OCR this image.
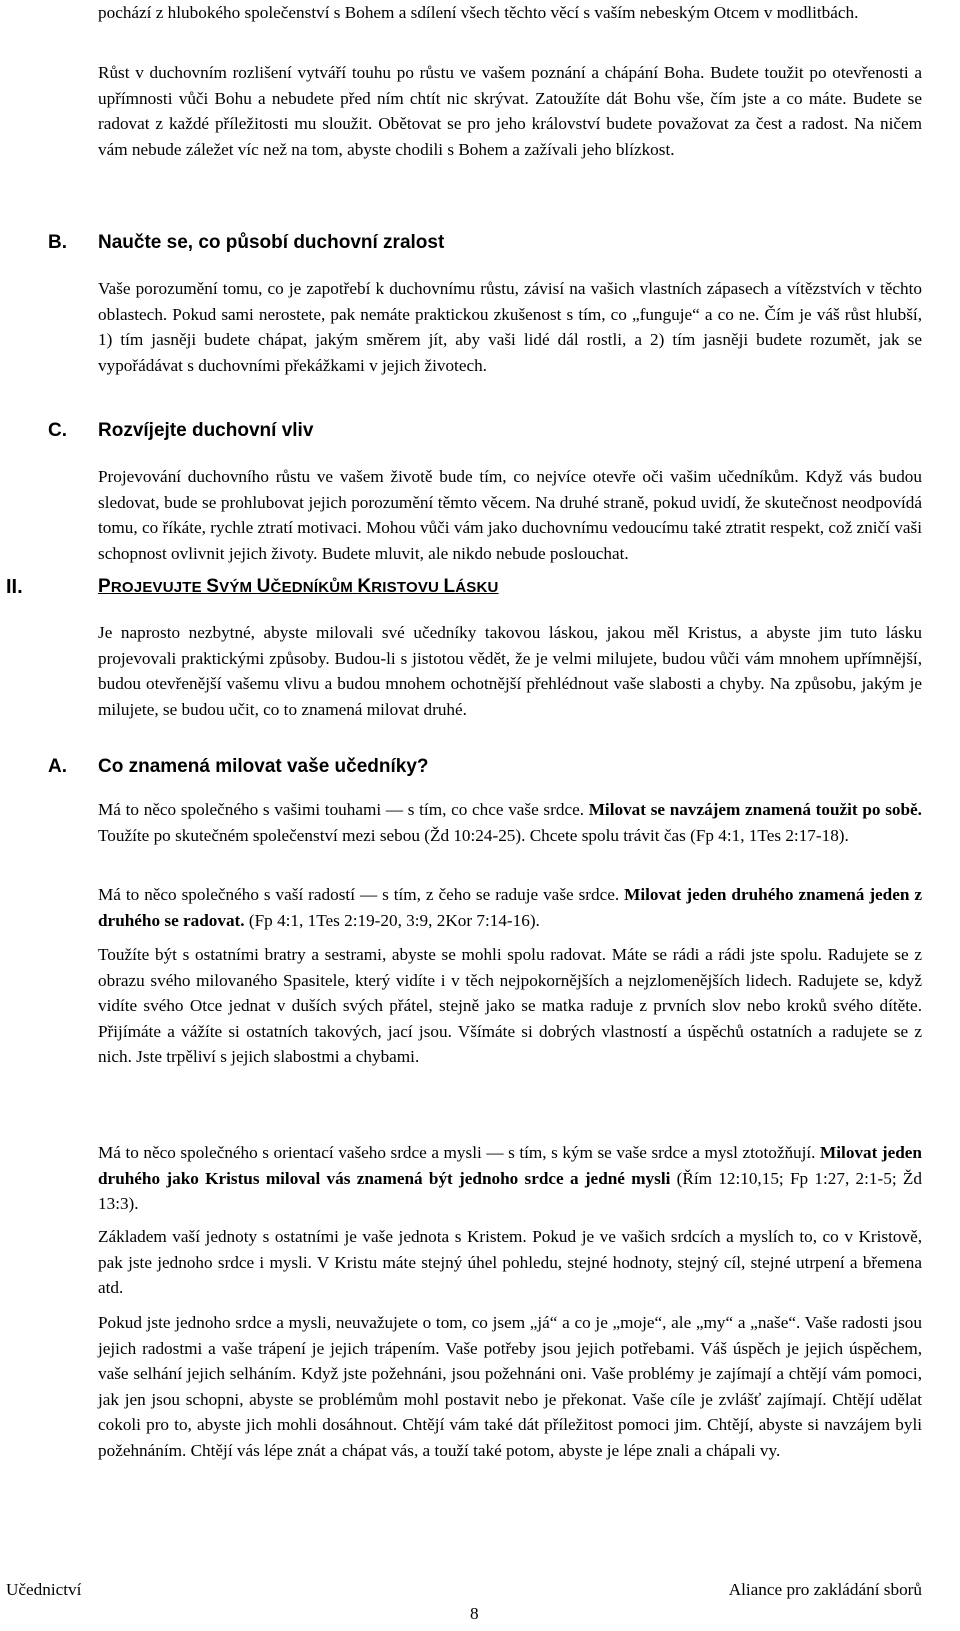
pochází z hlubokého společenství s Bohem a sdílení všech těchto věcí s vaším nebeským Otcem v modlitbách.

Růst v duchovním rozlišení vytváří touhu po růstu ve vašem poznání a chápání Boha. Budete toužit po otevřenosti a upřímnosti vůči Bohu a nebudete před ním chtít nic skrývat. Zatoužíte dát Bohu vše, čím jste a co máte. Budete se radovat z každé příležitosti mu sloužit. Obětovat se pro jeho království budete považovat za čest a radost. Na ničem vám nebude záležet víc než na tom, abyste chodili s Bohem a zažívali jeho blízkost.

B. Naučte se, co působí duchovní zralost

Vaše porozumění tomu, co je zapotřebí k duchovnímu růstu, závisí na vašich vlastních zápasech a vítězstvích v těchto oblastech. Pokud sami nerostete, pak nemáte praktickou zkušenost s tím, co „funguje“ a co ne. Čím je váš růst hlubší, 1) tím jasněji budete chápat, jakým směrem jít, aby vaši lidé dál rostli, a 2) tím jasněji budete rozumět, jak se vypořádávat s duchovními překážkami v jejich životech.

C. Rozvíjejte duchovní vliv

Projevování duchovního růstu ve vašem životě bude tím, co nejvíce otevře oči vašim učedníkům. Když vás budou sledovat, bude se prohlubovat jejich porozumění těmto věcem. Na druhé straně, pokud uvidí, že skutečnost neodpovídá tomu, co říkáte, rychle ztratí motivaci. Mohou vůči vám jako duchovnímu vedoucímu také ztratit respekt, což zničí vaši schopnost ovlivnit jejich životy. Budete mluvit, ale nikdo nebude poslouchat.

II.	PROJEVUJTE SVÝM UČEDNÍKŮM KRISTOVU LÁSKU

Je naprosto nezbytné, abyste milovali své učedníky takovou láskou, jakou měl Kristus, a abyste jim tuto lásku projevovali praktickými způsoby. Budou-li s jistotou vědět, že je velmi milujete, budou vůči vám mnohem upřímnější, budou otevřenější vašemu vlivu a budou mnohem ochotnější přehlédnout vaše slabosti a chyby. Na způsobu, jakým je milujete, se budou učit, co to znamená milovat druhé.

A. Co znamená milovat vaše učedníky?

Má to něco společného s vašimi touhami — s tím, co chce vaše srdce. Milovat se navzájem znamená toužit po sobě. Toužíte po skutečném společenství mezi sebou (Žd 10:24-25). Chcete spolu trávit čas (Fp 4:1, 1Tes 2:17-18).

Má to něco společného s vaší radostí — s tím, z čeho se raduje vaše srdce. Milovat jeden druhého znamená jeden z druhého se radovat. (Fp 4:1, 1Tes 2:19-20, 3:9, 2Kor 7:14-16).

Toužíte být s ostatními bratry a sestrami, abyste se mohli spolu radovat. Máte se rádi a rádi jste spolu. Radujete se z obrazu svého milovaného Spasitele, který vidíte i v těch nejpokornějších a nejzlomenějších lidech. Radujete se, když vidíte svého Otce jednat v duších svých přátel, stejně jako se matka raduje z prvních slov nebo kroků svého dítěte. Přijímáte a vážíte si ostatních takových, jací jsou. Všímáte si dobrých vlastností a úspěchů ostatních a radujete se z nich. Jste trpěliví s jejich slabostmi a chybami.

Má to něco společného s orientací vašeho srdce a mysli — s tím, s kým se vaše srdce a mysl ztotožňují. Milovat jeden druhého jako Kristus miloval vás znamená být jednoho srdce a jedné mysli (Řím 12:10,15; Fp 1:27, 2:1-5; Žd 13:3).

Základem vaší jednoty s ostatními je vaše jednota s Kristem. Pokud je ve vašich srdcích a myslích to, co v Kristově, pak jste jednoho srdce i mysli. V Kristu máte stejný úhel pohledu, stejné hodnoty, stejný cíl, stejné utrpení a břemena atd.

Pokud jste jednoho srdce a mysli, neuvažujete o tom, co jsem „já“ a co je „moje“, ale „my“ a „naše“. Vaše radosti jsou jejich radostmi a vaše trápení je jejich trápením. Vaše potřeby jsou jejich potřebami. Váš úspěch je jejich úspěchem, vaše selhání jejich selháním. Když jste požehnáni, jsou požehnáni oni. Vaše problémy je zajímají a chtějí vám pomoci, jak jen jsou schopni, abyste se problémům mohl postavit nebo je překonat. Vaše cíle je zvlášť zajímají. Chtějí udělat cokoli pro to, abyste jich mohli dosáhnout. Chtějí vám také dát příležitost pomoci jim. Chtějí, abyste si navzájem byli požehnáním. Chtějí vás lépe znát a chápat vás, a touží také potom, abyste je lépe znali a chápali vy.

Učednictví	Aliance pro zakládání sborů
8
